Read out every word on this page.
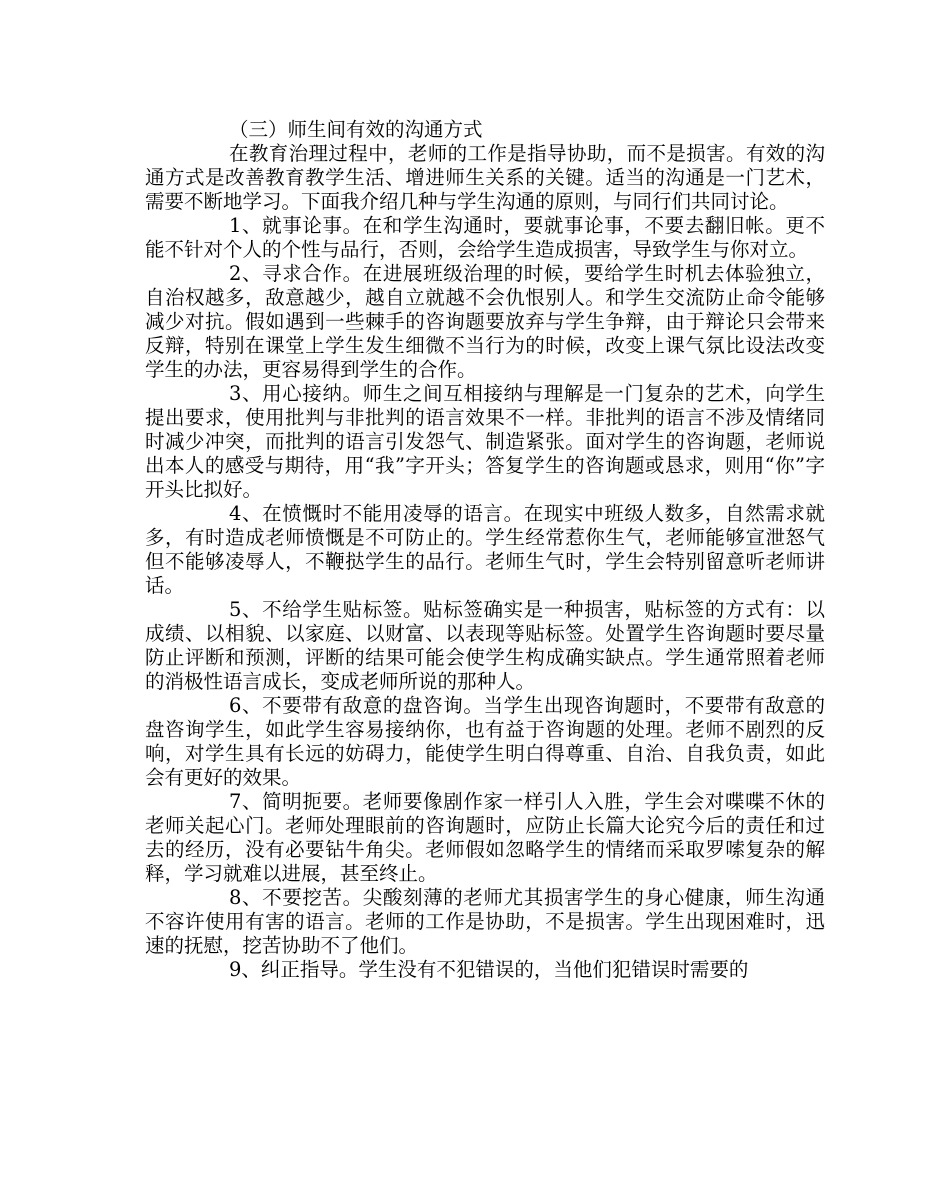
（三）师生间有效的沟通方式

在教育治理过程中，老师的工作是指导协助，而不是损害。有效的沟通方式是改善教育教学生活、增进师生关系的关键。适当的沟通是一门艺术，需要不断地学习。下面我介绍几种与学生沟通的原则，与同行们共同讨论。

1、就事论事。在和学生沟通时，要就事论事，不要去翻旧帐。更不能不针对个人的个性与品行，否则，会给学生造成损害，导致学生与你对立。

2、寻求合作。在进展班级治理的时候，要给学生时机去体验独立，自治权越多，敌意越少，越自立就越不会仇恨别人。和学生交流防止命令能够减少对抗。假如遇到一些棘手的咨询题要放弃与学生争辩，由于辩论只会带来反辩，特别在课堂上学生发生细微不当行为的时候，改变上课气氛比设法改变学生的办法，更容易得到学生的合作。

3、用心接纳。师生之间互相接纳与理解是一门复杂的艺术，向学生提出要求，使用批判与非批判的语言效果不一样。非批判的语言不涉及情绪同时减少冲突，而批判的语言引发怨气、制造紧张。面对学生的咨询题，老师说出本人的感受与期待，用“我”字开头；答复学生的咨询题或恳求，则用“你”字开头比拟好。

4、在愤慨时不能用凌辱的语言。在现实中班级人数多，自然需求就多，有时造成老师愤慨是不可防止的。学生经常惹你生气，老师能够宣泄怒气但不能够凌辱人，不鞭挞学生的品行。老师生气时，学生会特别留意听老师讲话。

5、不给学生贴标签。贴标签确实是一种损害，贴标签的方式有：以成绩、以相貌、以家庭、以财富、以表现等贴标签。处置学生咨询题时要尽量防止评断和预测，评断的结果可能会使学生构成确实缺点。学生通常照着老师的消极性语言成长，变成老师所说的那种人。

6、不要带有敌意的盘咨询。当学生出现咨询题时，不要带有敌意的盘咨询学生，如此学生容易接纳你，也有益于咨询题的处理。老师不剧烈的反响，对学生具有长远的妨碍力，能使学生明白得尊重、自治、自我负责，如此会有更好的效果。

7、简明扼要。老师要像剧作家一样引人入胜，学生会对喋喋不休的老师关起心门。老师处理眼前的咨询题时，应防止长篇大论究今后的责任和过去的经历，没有必要钻牛角尖。老师假如忽略学生的情绪而采取罗嗦复杂的解释，学习就难以进展，甚至终止。

8、不要挖苦。尖酸刻薄的老师尤其损害学生的身心健康，师生沟通不容许使用有害的语言。老师的工作是协助，不是损害。学生出现困难时，迅速的抚慰，挖苦协助不了他们。

9、纠正指导。学生没有不犯错误的，当他们犯错误时需要的
